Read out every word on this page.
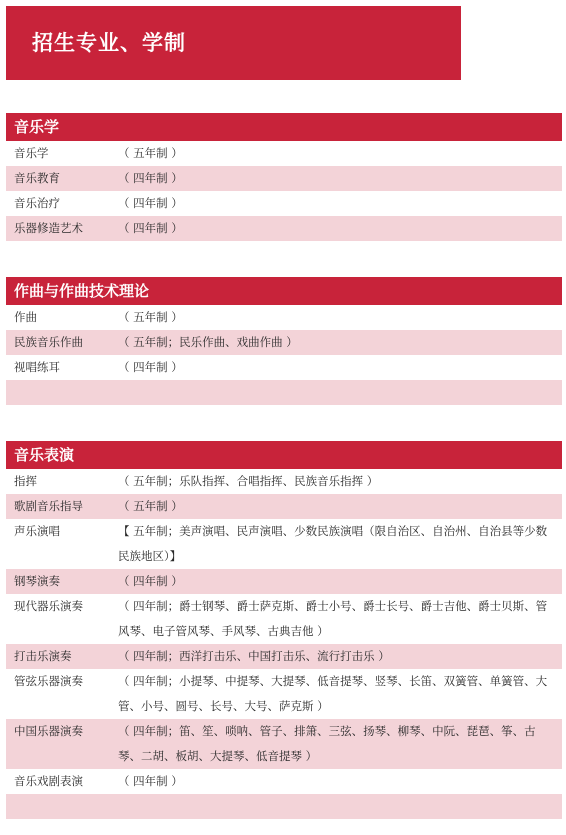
招生专业、学制
音乐学
音乐学	（ 五年制 ）
音乐教育	（ 四年制 ）
音乐治疗	（ 四年制 ）
乐器修造艺术	（ 四年制 ）
作曲与作曲技术理论
作曲	（ 五年制 ）
民族音乐作曲	（ 五年制；民乐作曲、戏曲作曲 ）
视唱练耳	（ 四年制 ）
音乐表演
指挥	（ 五年制；乐队指挥、合唱指挥、民族音乐指挥 ）
歌剧音乐指导	（ 五年制 ）
声乐演唱	【 五年制；美声演唱、民声演唱、少数民族演唱（限自治区、自治州、自治县等少数民族地区）】
钢琴演奏	（ 四年制 ）
现代器乐演奏	（ 四年制；爵士钢琴、爵士萨克斯、爵士小号、爵士长号、爵士吉他、爵士贝斯、管风琴、电子管风琴、手风琴、古典吉他 ）
打击乐演奏	（ 四年制；西洋打击乐、中国打击乐、流行打击乐 ）
管弦乐器演奏	（ 四年制；小提琴、中提琴、大提琴、低音提琴、竖琴、长笛、双簧管、单簧管、大管、小号、圆号、长号、大号、萨克斯 ）
中国乐器演奏	（ 四年制；笛、笙、唢呐、管子、排箫、三弦、扬琴、柳琴、中阮、琵琶、筝、古琴、二胡、板胡、大提琴、低音提琴 ）
音乐戏剧表演	（ 四年制 ）
